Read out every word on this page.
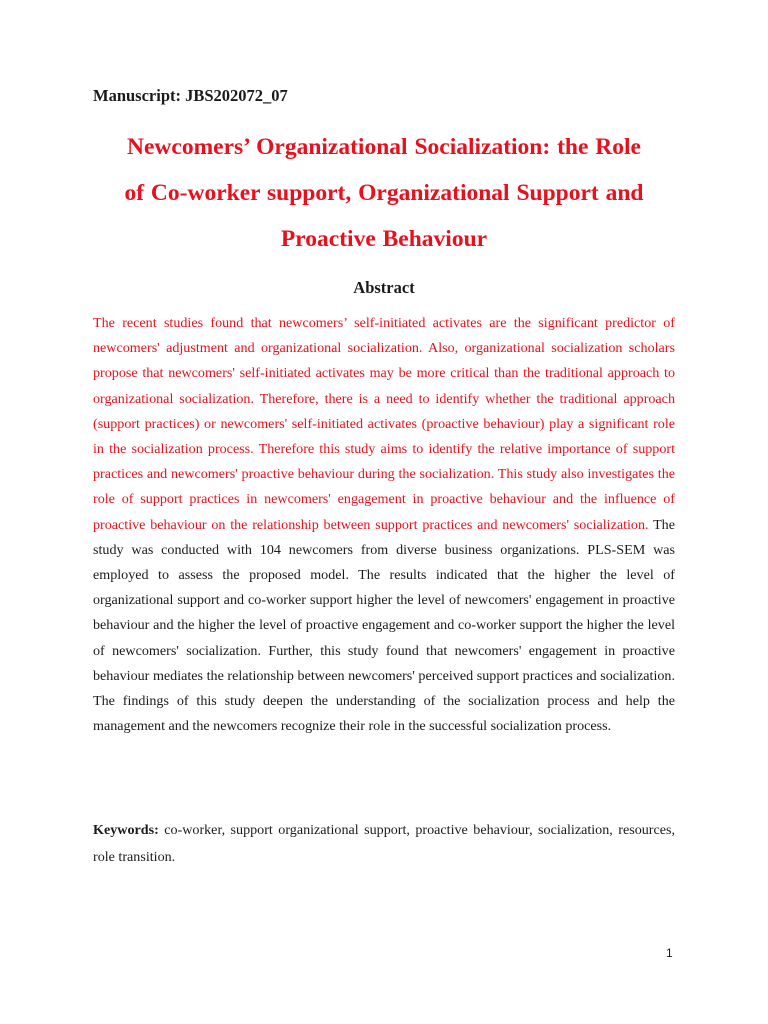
Manuscript: JBS202072_07

Newcomers’ Organizational Socialization: the Role
of Co-worker support, Organizational Support and
Proactive Behaviour
Abstract

The recent studies found that newcomers’ self-initiated activates are the significant predictor of newcomers' adjustment and organizational socialization. Also, organizational socialization scholars propose that newcomers' self-initiated activates may be more critical than the traditional approach to organizational socialization. Therefore, there is a need to identify whether the traditional approach (support practices) or newcomers' self-initiated activates (proactive behaviour) play a significant role in the socialization process. Therefore this study aims to identify the relative importance of support practices and newcomers' proactive behaviour during the socialization. This study also investigates the role of support practices in newcomers' engagement in proactive behaviour and the influence of proactive behaviour on the relationship between support practices and newcomers' socialization. The study was conducted with 104 newcomers from diverse business organizations. PLS-SEM was employed to assess the proposed model. The results indicated that the higher the level of organizational support and co-worker support higher the level of newcomers' engagement in proactive behaviour and the higher the level of proactive engagement and co-worker support the higher the level of newcomers' socialization. Further, this study found that newcomers' engagement in proactive behaviour mediates the relationship between newcomers' perceived support practices and socialization. The findings of this study deepen the understanding of the socialization process and help the management and the newcomers recognize their role in the successful socialization process.

Keywords: co-worker, support organizational support, proactive behaviour, socialization, resources, role transition.

1
